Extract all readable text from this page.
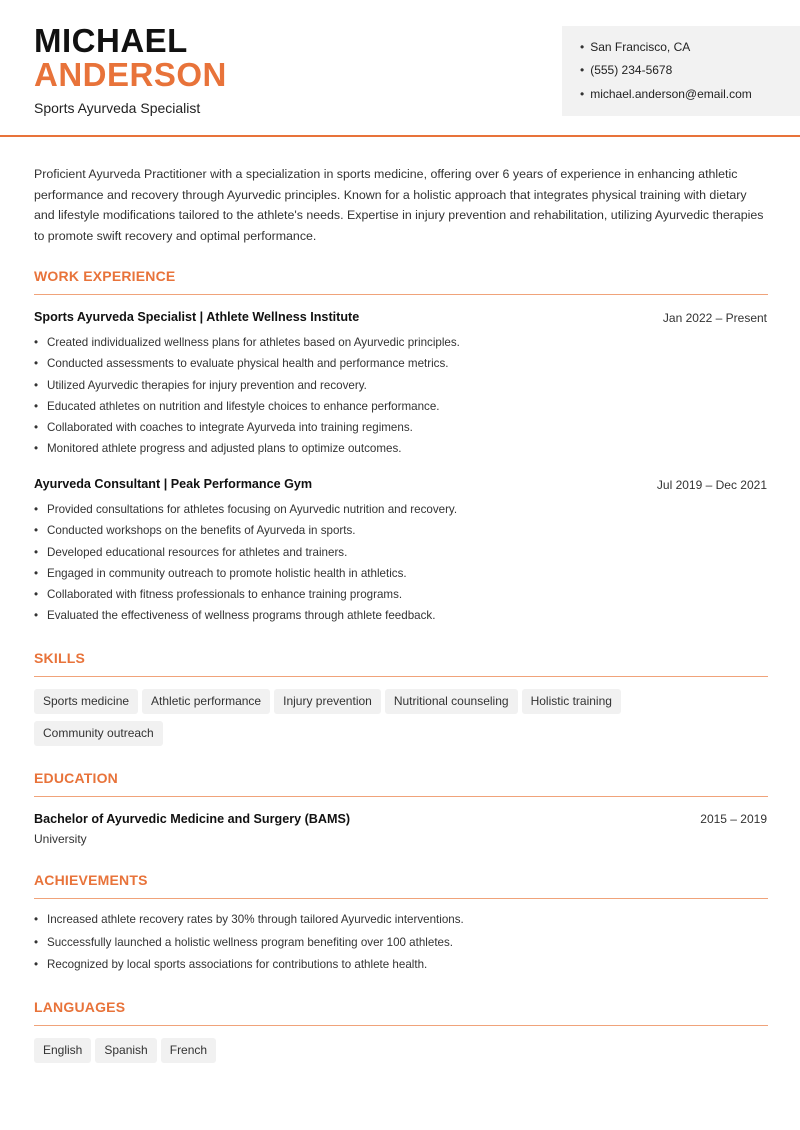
MICHAEL
ANDERSON
Sports Ayurveda Specialist
• San Francisco, CA
• (555) 234-5678
• michael.anderson@email.com

Proficient Ayurveda Practitioner with a specialization in sports medicine, offering over 6 years of experience in enhancing athletic performance and recovery through Ayurvedic principles. Known for a holistic approach that integrates physical training with dietary and lifestyle modifications tailored to the athlete's needs. Expertise in injury prevention and rehabilitation, utilizing Ayurvedic therapies to promote swift recovery and optimal performance.

WORK EXPERIENCE
Sports Ayurveda Specialist | Athlete Wellness Institute	Jan 2022 – Present
• Created individualized wellness plans for athletes based on Ayurvedic principles.
• Conducted assessments to evaluate physical health and performance metrics.
• Utilized Ayurvedic therapies for injury prevention and recovery.
• Educated athletes on nutrition and lifestyle choices to enhance performance.
• Collaborated with coaches to integrate Ayurveda into training regimens.
• Monitored athlete progress and adjusted plans to optimize outcomes.
Ayurveda Consultant | Peak Performance Gym	Jul 2019 – Dec 2021
• Provided consultations for athletes focusing on Ayurvedic nutrition and recovery.
• Conducted workshops on the benefits of Ayurveda in sports.
• Developed educational resources for athletes and trainers.
• Engaged in community outreach to promote holistic health in athletics.
• Collaborated with fitness professionals to enhance training programs.
• Evaluated the effectiveness of wellness programs through athlete feedback.
SKILLS
Sports medicine Athletic performance Injury prevention Nutritional counseling Holistic training
Community outreach
EDUCATION
Bachelor of Ayurvedic Medicine and Surgery (BAMS)	2015 – 2019
University
ACHIEVEMENTS
• Increased athlete recovery rates by 30% through tailored Ayurvedic interventions.
• Successfully launched a holistic wellness program benefiting over 100 athletes.
• Recognized by local sports associations for contributions to athlete health.
LANGUAGES
English Spanish French
